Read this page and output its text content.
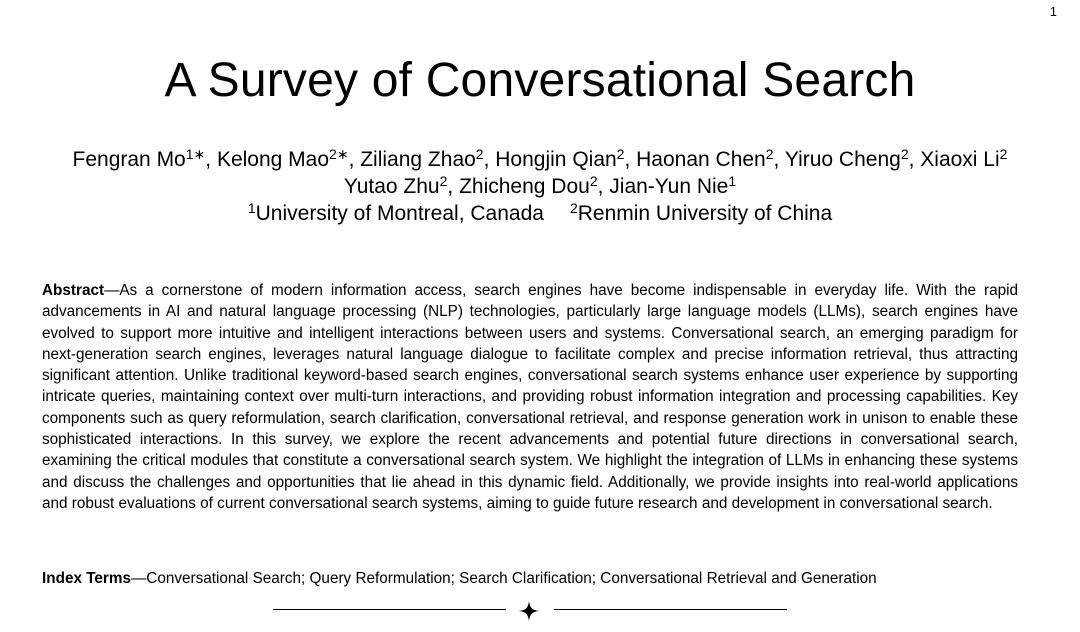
1
A Survey of Conversational Search
Fengran $Mo^{1∗}$, Kelong Mao$^{2∗}$, Ziliang Zhao$^2$, Hongjin Qian$^2$, Haonan Chen$^2$, Yiruo Cheng$^2$, Xiaoxi Li$^2$
Yutao Zhu$^2$, Zhicheng Dou$^2$, Jian-Yun Nie$^1$
$^1$University of Montreal, Canada $^2$Renmin University of China

Abstract—As a cornerstone of modern information access, search engines have become indispensable in everyday life. With the rapid advancements in AI and natural language processing (NLP) technologies, particularly large language models (LLMs), search engines have evolved to support more intuitive and intelligent interactions between users and systems. Conversational search, an emerging paradigm for next-generation search engines, leverages natural language dialogue to facilitate complex and precise information retrieval, thus attracting significant attention. Unlike traditional keyword-based search engines, conversational search systems enhance user experience by supporting intricate queries, maintaining context over multi-turn interactions, and providing robust information integration and processing capabilities. Key components such as query reformulation, search clarification, conversational retrieval, and response generation work in unison to enable these sophisticated interactions. In this survey, we explore the recent advancements and potential future directions in conversational search, examining the critical modules that constitute a conversational search system. We highlight the integration of LLMs in enhancing these systems and discuss the challenges and opportunities that lie ahead in this dynamic field. Additionally, we provide insights into real-world applications and robust evaluations of current conversational search systems, aiming to guide future research and development in conversational search.

Index Terms—Conversational Search; Query Reformulation; Search Clarification; Conversational Retrieval and Generation
